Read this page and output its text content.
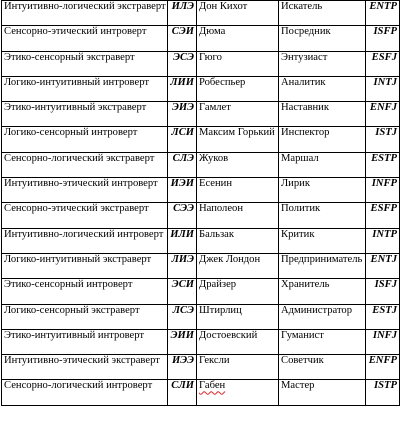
Интуитивно-логический экстраверт	ИЛЭ	Дон Кихот	Искатель	ENTP
Сенсорно-этический интроверт	СЭИ	Дюма	Посредник	ISFP
Этико-сенсорный экстраверт	ЭСЭ	Гюго	Энтузиаст	ESFJ
Логико-интуитивный интроверт	ЛИИ	Робеспьер	Аналитик	INTJ
Этико-интуитивный экстраверт	ЭИЭ	Гамлет	Наставник	ENFJ
Логико-сенсорный интроверт	ЛСИ	Максим Горький	Инспектор	ISTJ
Сенсорно-логический экстраверт	СЛЭ	Жуков	Маршал	ESTP
Интуитивно-этический интроверт	ИЭИ	Есенин	Лирик	INFP
Сенсорно-этический экстраверт	СЭЭ	Наполеон	Политик	ESFP
Интуитивно-логический интроверт	ИЛИ	Бальзак	Критик	INTP
Логико-интуитивный экстраверт	ЛИЭ	Джек Лондон	Предприниматель	ENTJ
Этико-сенсорный интроверт	ЭСИ	Драйзер	Хранитель	ISFJ
Логико-сенсорный экстраверт	ЛСЭ	Штирлиц	Администратор	ESTJ
Этико-интуитивный интроверт	ЭИИ	Достоевский	Гуманист	INFJ
Интуитивно-этический экстраверт	ИЭЭ	Гексли	Советчик	ENFP
Сенсорно-логический интроверт	СЛИ	Габен	Мастер	ISTP
